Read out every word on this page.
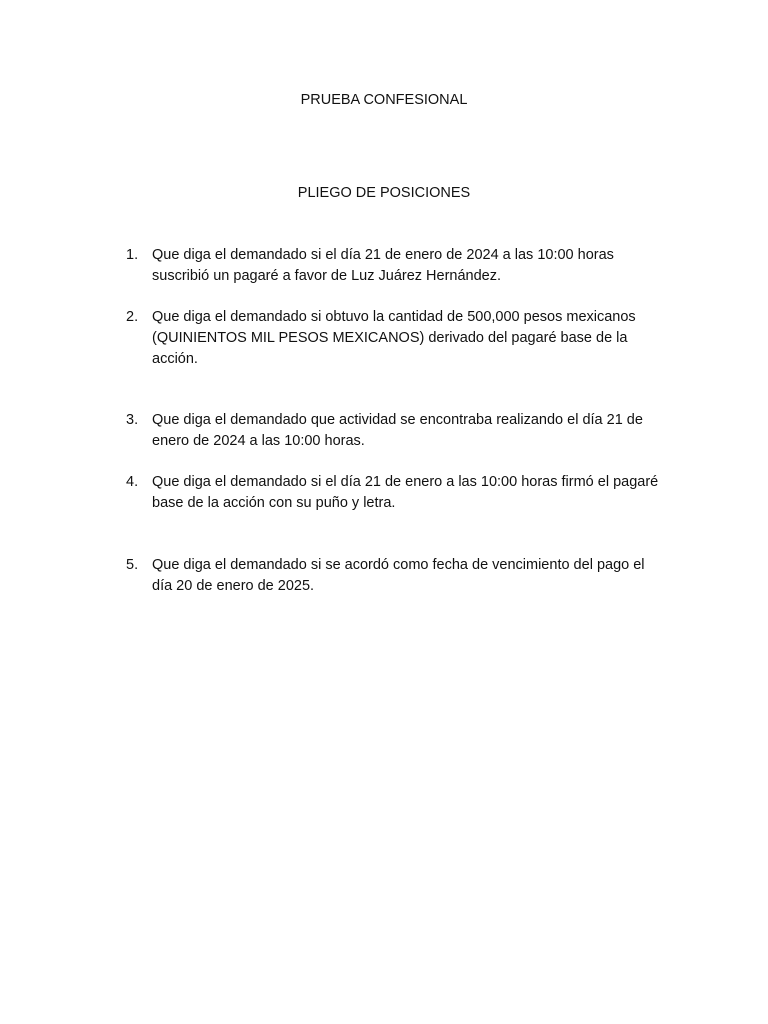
PRUEBA CONFESIONAL
PLIEGO DE POSICIONES
1. Que diga el demandado si el día 21 de enero de 2024 a las 10:00 horas suscribió un pagaré a favor de Luz Juárez Hernández.
2. Que diga el demandado si obtuvo la cantidad de 500,000 pesos mexicanos (QUINIENTOS MIL PESOS MEXICANOS) derivado del pagaré base de la acción.
3. Que diga el demandado que actividad se encontraba realizando el día 21 de enero de 2024 a las 10:00 horas.
4. Que diga el demandado si el día 21 de enero a las 10:00 horas firmó el pagaré base de la acción con su puño y letra.
5. Que diga el demandado si se acordó como fecha de vencimiento del pago el día 20 de enero de 2025.
